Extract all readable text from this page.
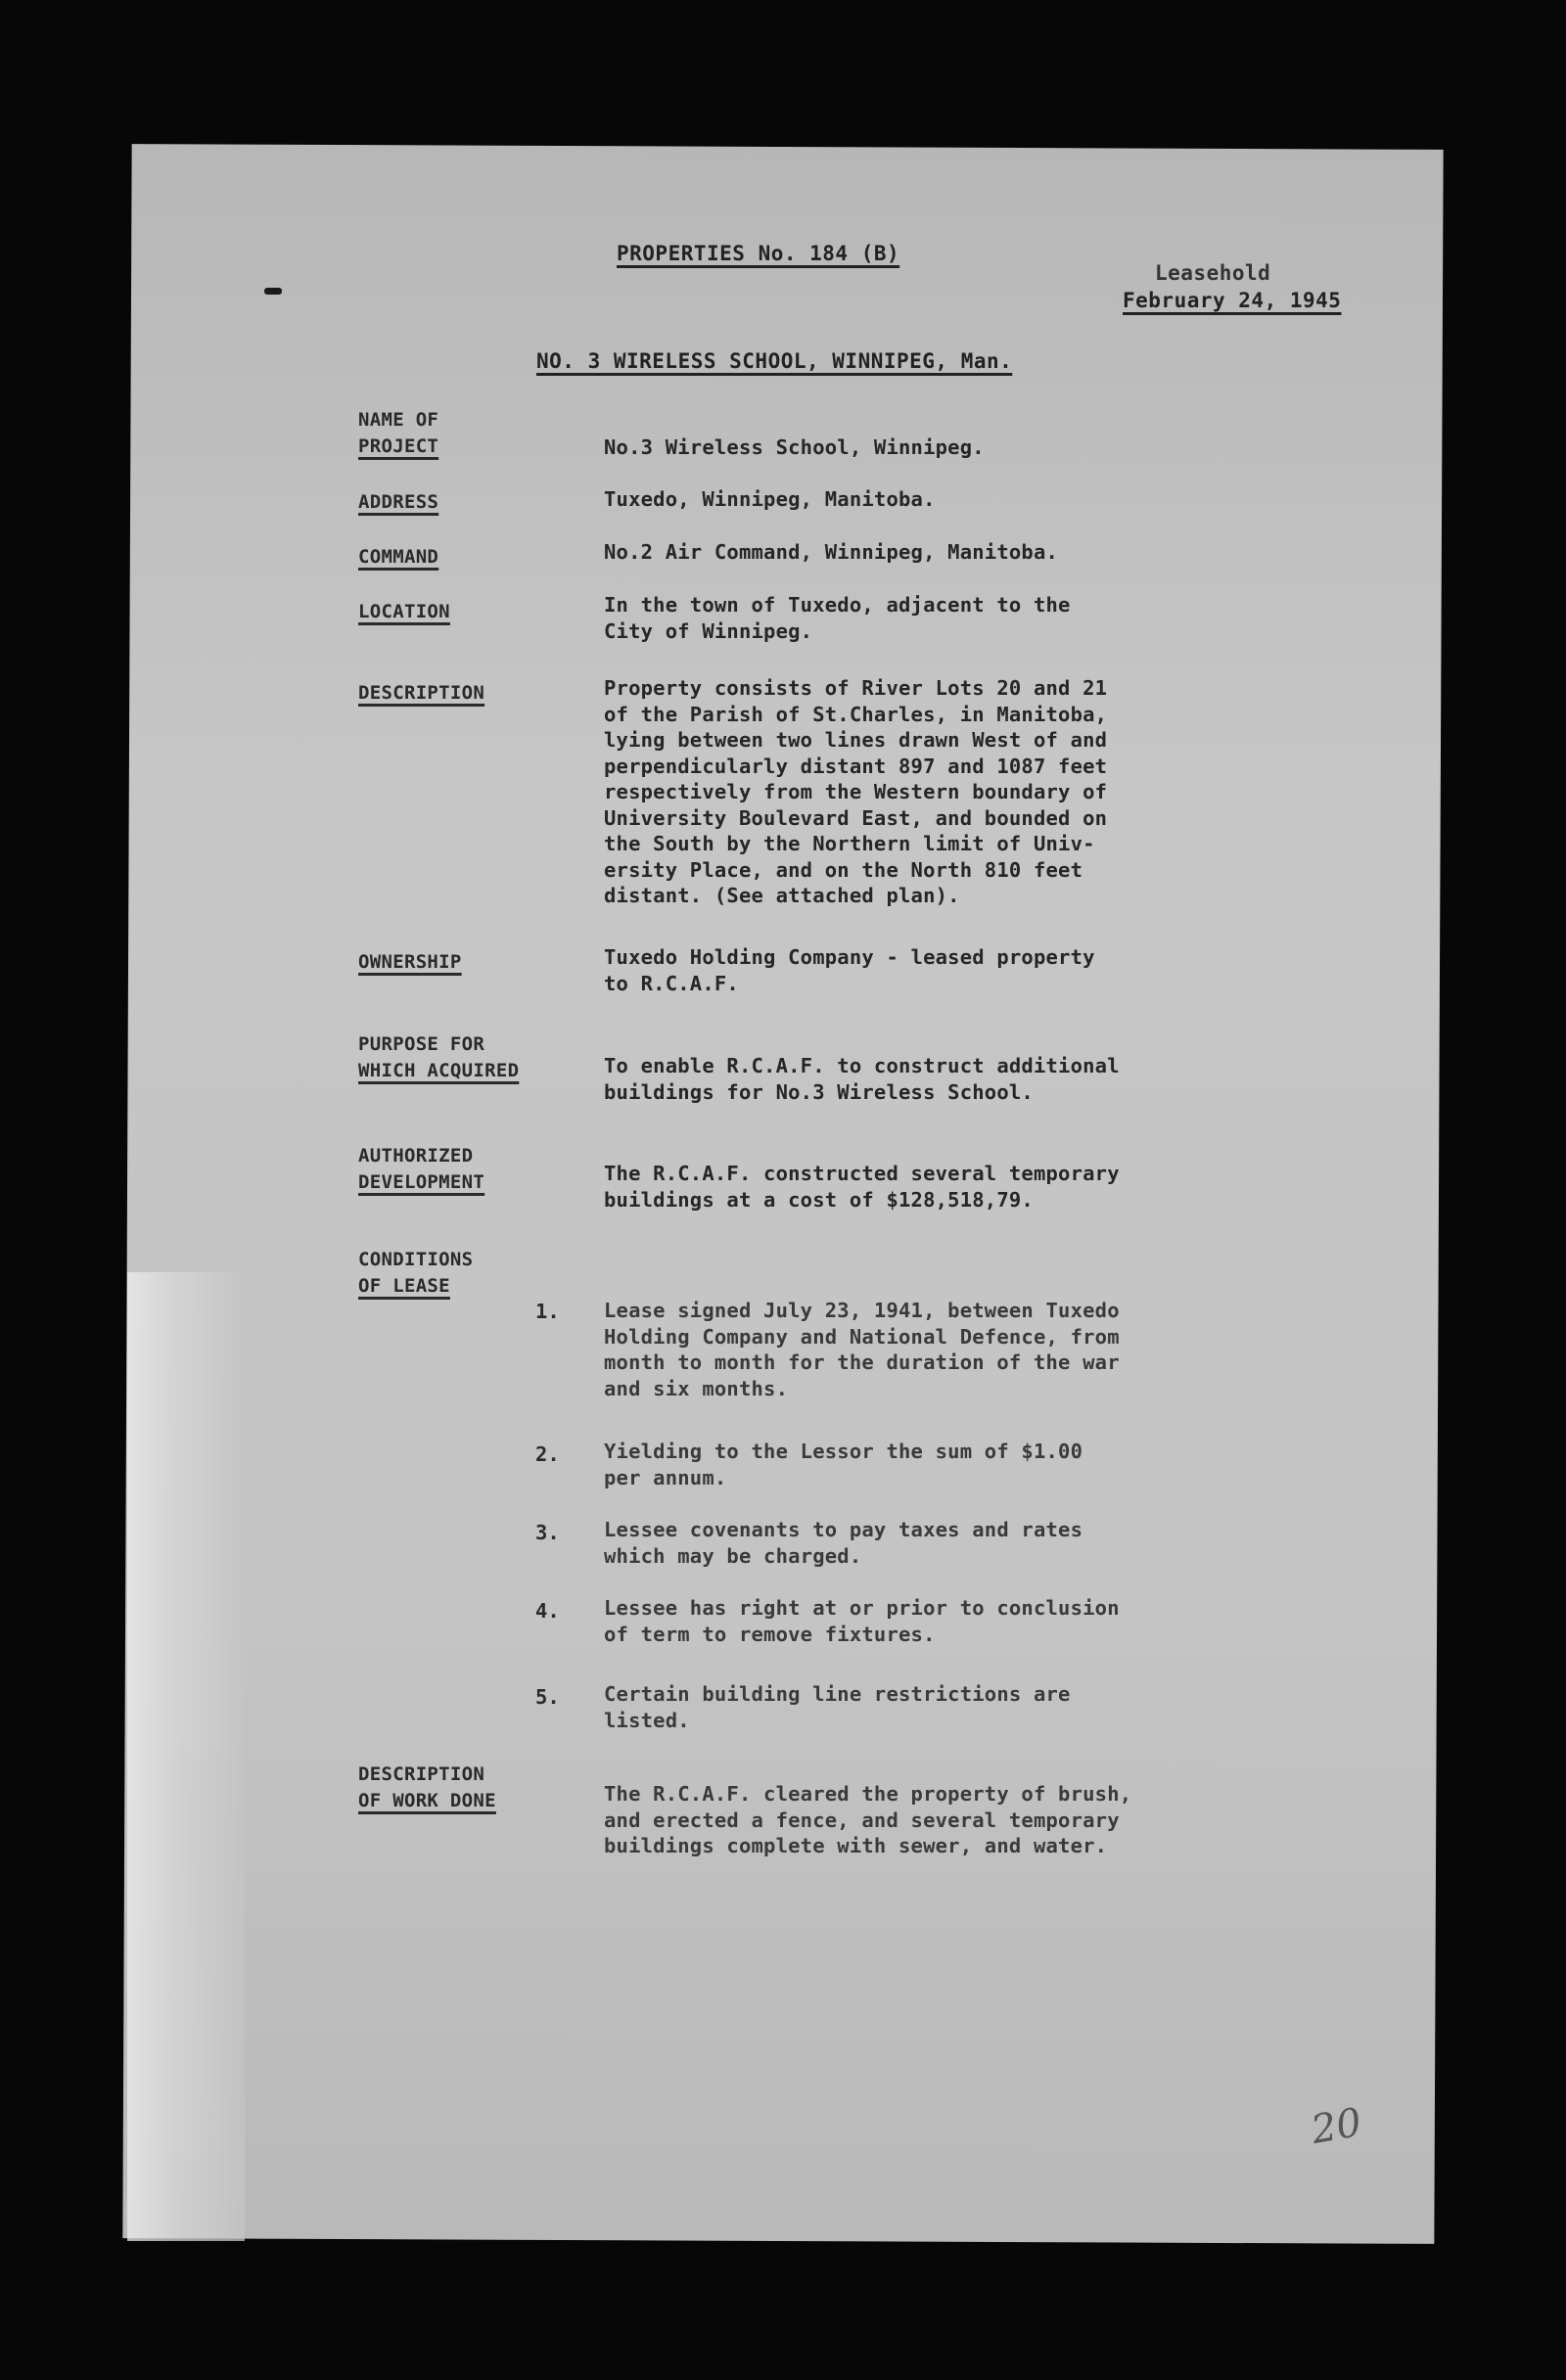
PROPERTIES No. 184 (B)
Leasehold
February 24, 1945
NO. 3 WIRELESS SCHOOL, WINNIPEG, Man.
NAME OF
PROJECT	No.3 Wireless School, Winnipeg.
ADDRESS	Tuxedo, Winnipeg, Manitoba.
COMMAND	No.2 Air Command, Winnipeg, Manitoba.
LOCATION	In the town of Tuxedo, adjacent to the
City of Winnipeg.
DESCRIPTION	Property consists of River Lots 20 and 21
of the Parish of St.Charles, in Manitoba,
lying between two lines drawn West of and
perpendicularly distant 897 and 1087 feet
respectively from the Western boundary of
University Boulevard East, and bounded on
the South by the Northern limit of Univ-
ersity Place, and on the North 810 feet
distant. (See attached plan).
OWNERSHIP	Tuxedo Holding Company - leased property
to R.C.A.F.
PURPOSE FOR
WHICH ACQUIRED	To enable R.C.A.F. to construct additional
buildings for No.3 Wireless School.
AUTHORIZED
DEVELOPMENT	The R.C.A.F. constructed several temporary
buildings at a cost of $128,518,79.
CONDITIONS
OF LEASE
1. Lease signed July 23, 1941, between Tuxedo
Holding Company and National Defence, from
month to month for the duration of the war
and six months.
2. Yielding to the Lessor the sum of $1.00
per annum.
3. Lessee covenants to pay taxes and rates
which may be charged.
4. Lessee has right at or prior to conclusion
of term to remove fixtures.
5. Certain building line restrictions are
listed.
DESCRIPTION
OF WORK DONE	The R.C.A.F. cleared the property of brush,
and erected a fence, and several temporary
buildings complete with sewer, and water.
20
